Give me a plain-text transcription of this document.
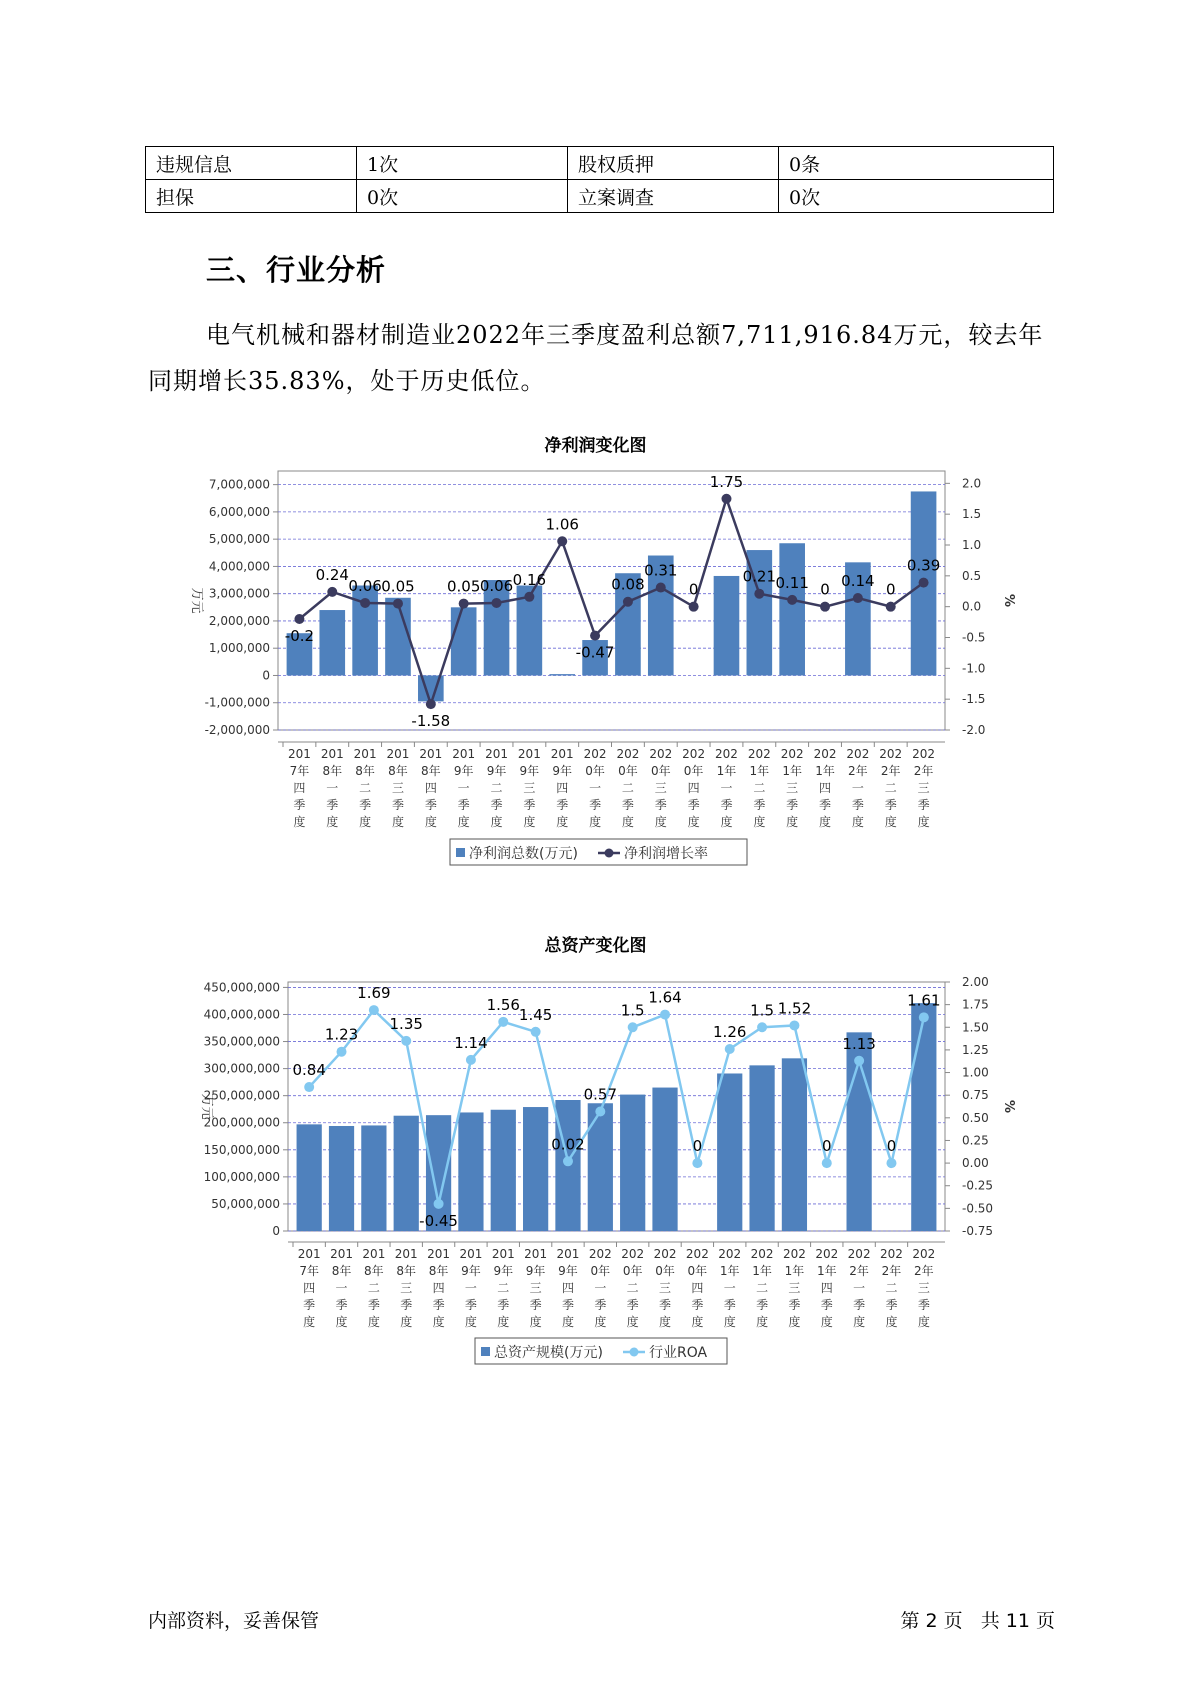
违规信息	1次	股权质押	0条
担保	0次	立案调查	0次
三、行业分析
电气机械和器材制造业2022年三季度盈利总额7,711,916.84万元，较去年同期增长35.83%，处于历史低位。
净利润变化图
7,000,000
6,000,000
5,000,000
4,000,000
3,000,000
2,000,000
1,000,000
0
-1,000,000
-2,000,000
2.0
1.5
1.0
0.5
0.0
-0.5
-1.0
-1.5
-2.0
万元	%
201
7年
四
季
度
201
8年
一
季
度
201
8年
二
季
度
201
8年
三
季
度
201
8年
四
季
度
201
9年
一
季
度
201
9年
二
季
度
201
9年
三
季
度
201
9年
四
季
度
202
0年
一
季
度
202
0年
二
季
度
202
0年
三
季
度
202
0年
四
季
度
202
1年
一
季
度
202
1年
二
季
度
202
1年
三
季
度
202
1年
四
季
度
202
2年
一
季
度
202
2年
二
季
度
202
2年
三
季
度
-0.2
0.24
0.06 0.05
-1.58
0.05 0.06 0.16
1.06
-0.47
0.08
0.31
0
1.75
0.21 0.11 0 0.14 0
0.39
净利润总数(万元)	净利润增长率
总资产变化图
450,000,000
400,000,000
350,000,000
300,000,000
250,000,000
200,000,000
150,000,000
100,000,000
50,000,000
0
2.00
1.75
1.50
1.25
1.00
0.75
0.50
0.25
0.00
-0.25
-0.50
-0.75
万元	%
201
7年
四
季
度
201
8年
一
季
度
201
8年
二
季
度
201
8年
三
季
度
201
8年
四
季
度
201
9年
一
季
度
201
9年
二
季
度
201
9年
三
季
度
201
9年
四
季
度
202
0年
一
季
度
202
0年
二
季
度
202
0年
三
季
度
202
0年
四
季
度
202
1年
一
季
度
202
1年
二
季
度
202
1年
三
季
度
202
1年
四
季
度
202
2年
一
季
度
202
2年
二
季
度
202
2年
三
季
度
0.84
1.23
1.69
1.35
-0.45
1.14
1.56
1.45
0.02
0.57
1.5
1.64
0
1.26
1.5 1.52
0
1.13
0
1.61
总资产规模(万元)	行业ROA
内部资料，妥善保管	第 2 页   共 11 页
